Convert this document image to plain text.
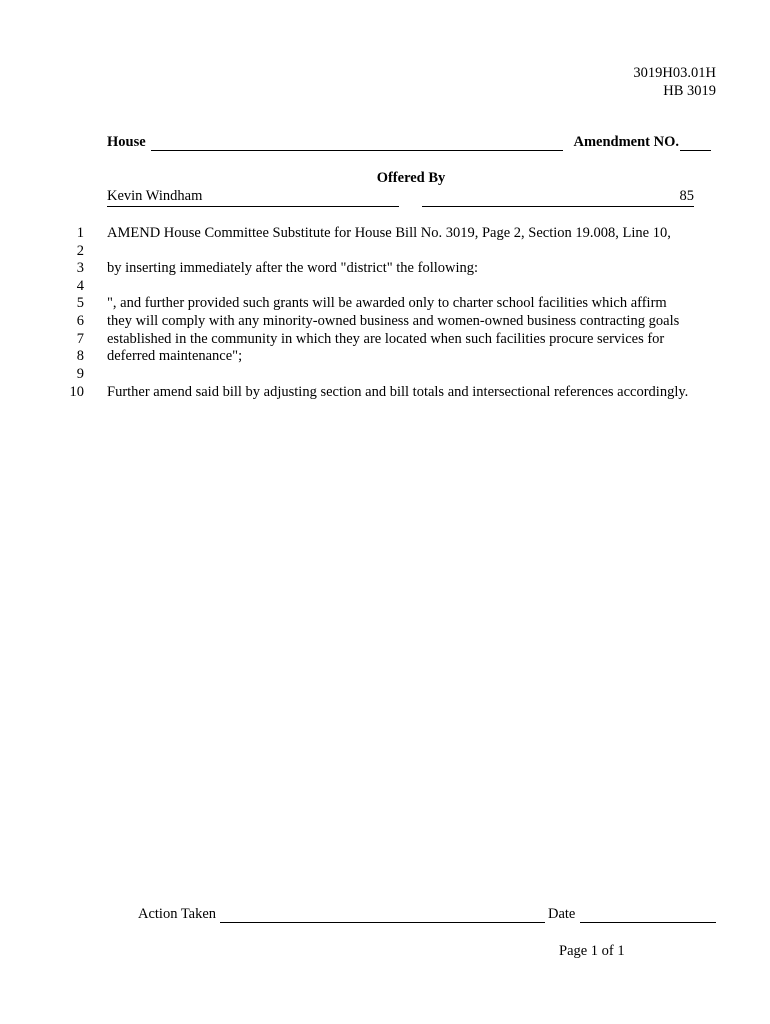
3019H03.01H
HB 3019
House	Amendment NO.
Offered By
Kevin Windham	85
1 AMEND House Committee Substitute for House Bill No. 3019, Page 2, Section 19.008, Line 10,
2
3 by inserting immediately after the word "district" the following:
4
5 ", and further provided such grants will be awarded only to charter school facilities which affirm
6 they will comply with any minority-owned business and women-owned business contracting goals
7 established in the community in which they are located when such facilities procure services for
8 deferred maintenance";
9
10 Further amend said bill by adjusting section and bill totals and intersectional references accordingly.
Action Taken	Date
Page 1 of 1
